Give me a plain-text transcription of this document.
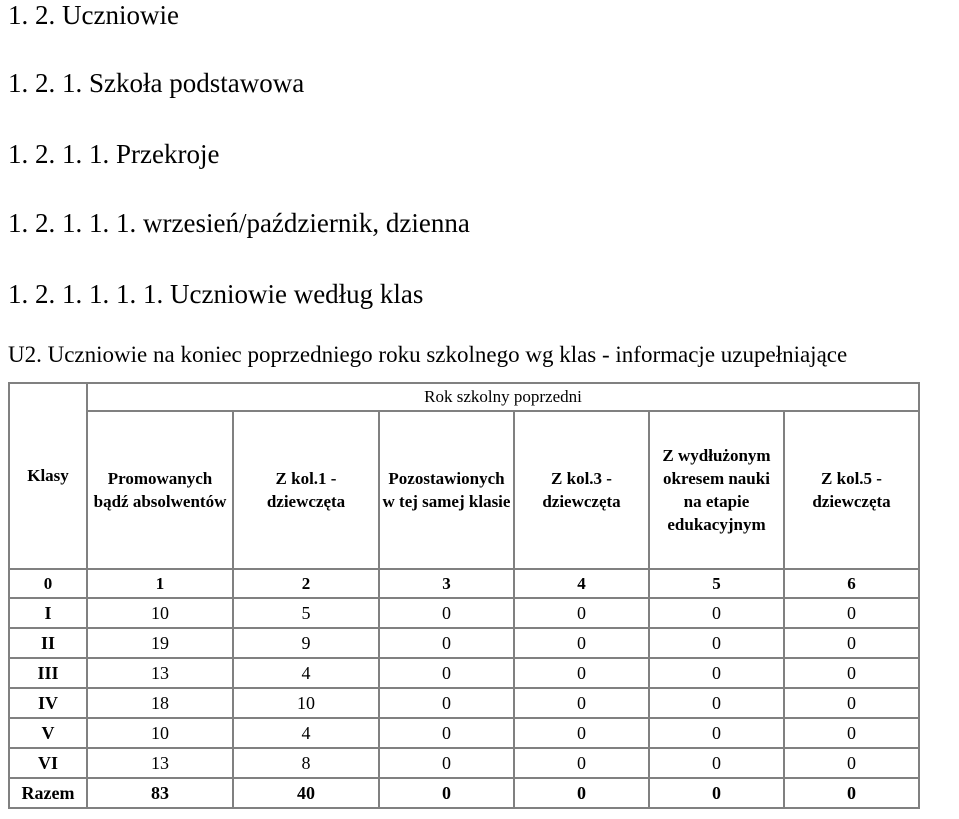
1. 2. Uczniowie
1. 2. 1. Szkoła podstawowa
1. 2. 1. 1. Przekroje
1. 2. 1. 1. 1. wrzesień/październik, dzienna
1. 2. 1. 1. 1. 1. Uczniowie według klas
U2. Uczniowie na koniec poprzedniego roku szkolnego wg klas - informacje uzupełniające
Klasy	Rok szkolny poprzedni					
	Promowanych bądź absolwentów	Z kol.1 - dziewczęta	Pozostawionych w tej samej klasie	Z kol.3 - dziewczęta	Z wydłużonym okresem nauki na etapie edukacyjnym	Z kol.5 - dziewczęta
0	1	2	3	4	5	6
I	10	5	0	0	0	0
II	19	9	0	0	0	0
III	13	4	0	0	0	0
IV	18	10	0	0	0	0
V	10	4	0	0	0	0
VI	13	8	0	0	0	0
Razem	83	40	0	0	0	0
